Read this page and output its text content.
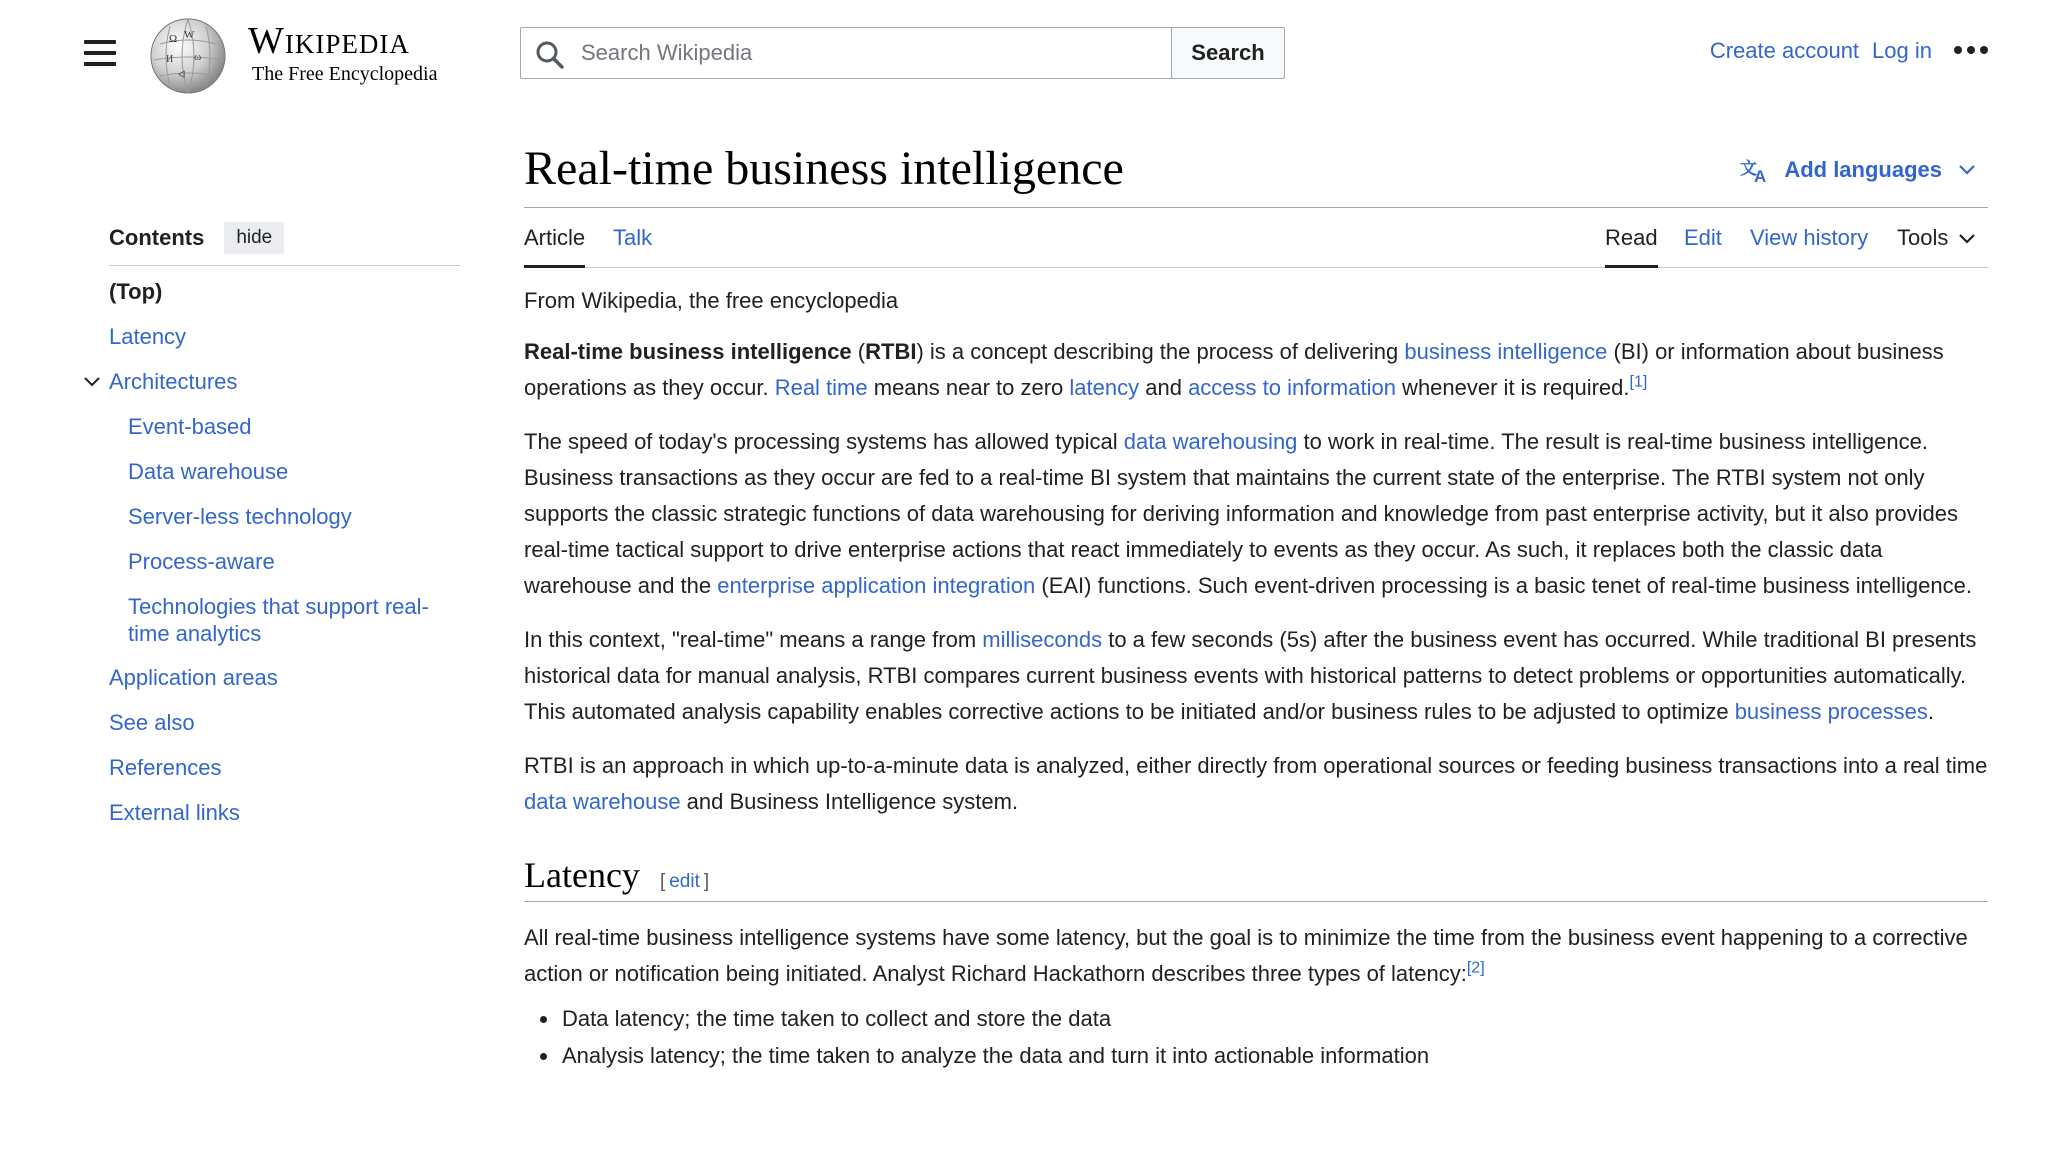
Ω W
И ω
ᐊ
Wikipedia
The Free Encyclopedia
Search Wikipedia
Search	Create account Log in
Contents	hide
(Top)
Latency
Architectures
Event-based
Data warehouse
Server-less technology
Process-aware
Technologies that support real-time analytics
Application areas
See also
References
External links
Real-time business intelligence	文
A Add languages
Article Talk	Read Edit View history Tools
From Wikipedia, the free encyclopedia

Real-time business intelligence (RTBI) is a concept describing the process of delivering business intelligence (BI) or information about business operations as they occur. Real time means near to zero latency and access to information whenever it is required.[1]

The speed of today's processing systems has allowed typical data warehousing to work in real-time. The result is real-time business intelligence. Business transactions as they occur are fed to a real-time BI system that maintains the current state of the enterprise. The RTBI system not only supports the classic strategic functions of data warehousing for deriving information and knowledge from past enterprise activity, but it also provides real-time tactical support to drive enterprise actions that react immediately to events as they occur. As such, it replaces both the classic data warehouse and the enterprise application integration (EAI) functions. Such event-driven processing is a basic tenet of real-time business intelligence.

In this context, "real-time" means a range from milliseconds to a few seconds (5s) after the business event has occurred. While traditional BI presents historical data for manual analysis, RTBI compares current business events with historical patterns to detect problems or opportunities automatically. This automated analysis capability enables corrective actions to be initiated and/or business rules to be adjusted to optimize business processes.

RTBI is an approach in which up-to-a-minute data is analyzed, either directly from operational sources or feeding business transactions into a real time data warehouse and Business Intelligence system.

Latency [ edit ]

All real-time business intelligence systems have some latency, but the goal is to minimize the time from the business event happening to a corrective action or notification being initiated. Analyst Richard Hackathorn describes three types of latency:[2]

• Data latency; the time taken to collect and store the data
• Analysis latency; the time taken to analyze the data and turn it into actionable information
